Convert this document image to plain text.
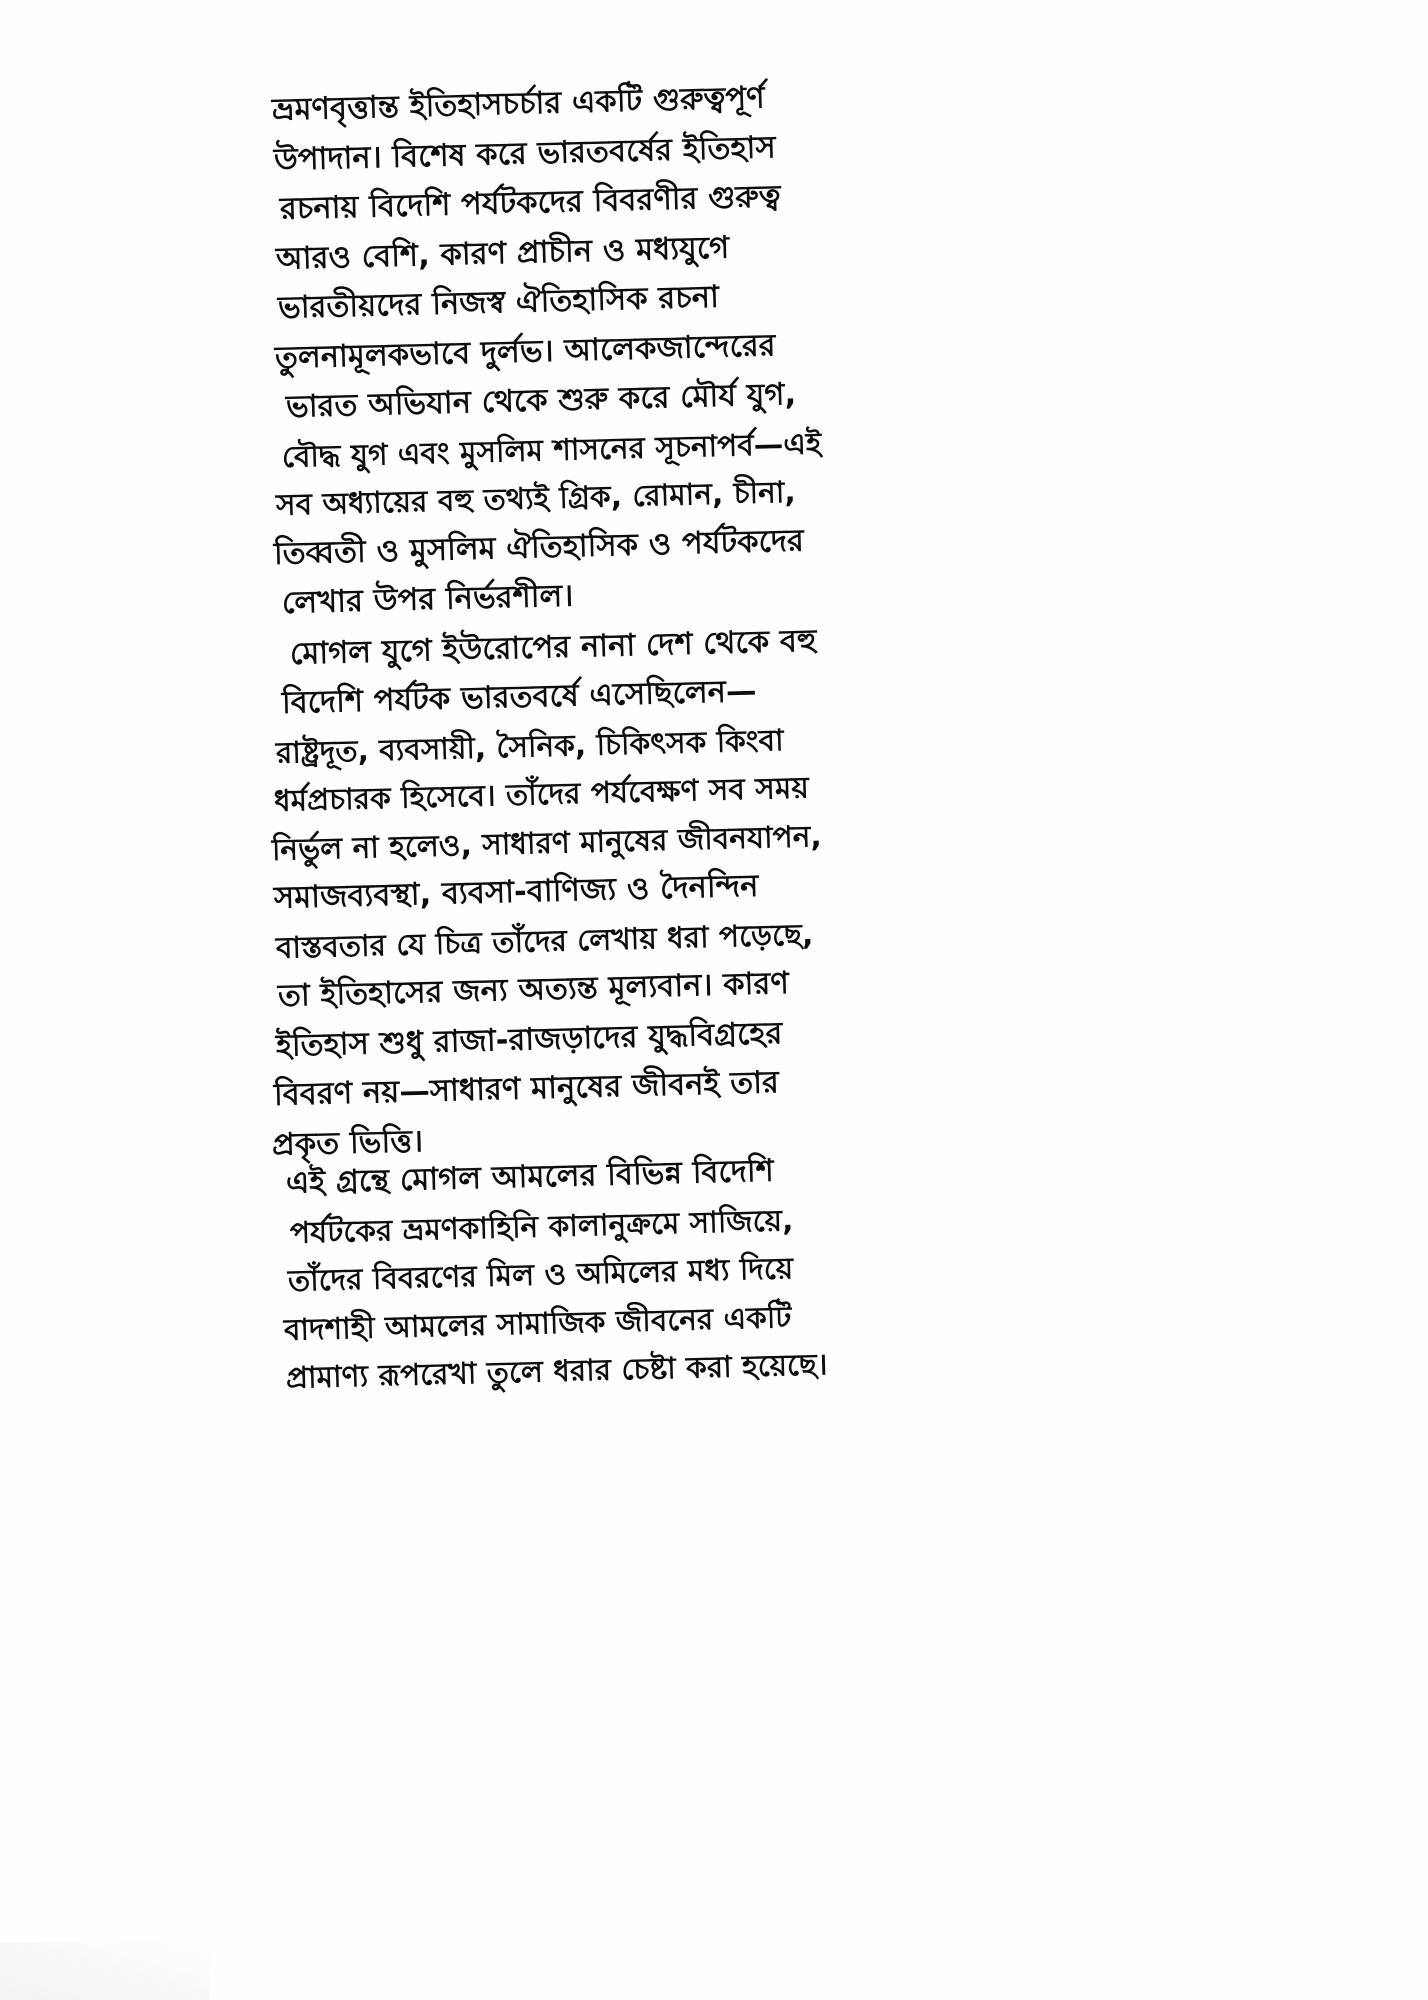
ভ্রমণবৃত্তান্ত ইতিহাসচর্চার একটি গুরুত্বপূর্ণ
উপাদান। বিশেষ করে ভারতবর্ষের ইতিহাস
রচনায় বিদেশি পর্যটকদের বিবরণীর গুরুত্ব
আরও বেশি, কারণ প্রাচীন ও মধ্যযুগে
ভারতীয়দের নিজস্ব ঐতিহাসিক রচনা
তুলনামূলকভাবে দুর্লভ। আলেকজান্দেরের
ভারত অভিযান থেকে শুরু করে মৌর্য যুগ,
বৌদ্ধ যুগ এবং মুসলিম শাসনের সূচনাপর্ব—এই
সব অধ্যায়ের বহু তথ্যই গ্রিক, রোমান, চীনা,
তিব্বতী ও মুসলিম ঐতিহাসিক ও পর্যটকদের
লেখার উপর নির্ভরশীল।
মোগল যুগে ইউরোপের নানা দেশ থেকে বহু
বিদেশি পর্যটক ভারতবর্ষে এসেছিলেন—
রাষ্ট্রদূত, ব্যবসায়ী, সৈনিক, চিকিৎসক কিংবা
ধর্মপ্রচারক হিসেবে। তাঁদের পর্যবেক্ষণ সব সময়
নির্ভুল না হলেও, সাধারণ মানুষের জীবনযাপন,
সমাজব্যবস্থা, ব্যবসা-বাণিজ্য ও দৈনন্দিন
বাস্তবতার যে চিত্র তাঁদের লেখায় ধরা পড়েছে,
তা ইতিহাসের জন্য অত্যন্ত মূল্যবান। কারণ
ইতিহাস শুধু রাজা-রাজড়াদের যুদ্ধবিগ্রহের
বিবরণ নয়—সাধারণ মানুষের জীবনই তার
প্রকৃত ভিত্তি।
এই গ্রন্থে মোগল আমলের বিভিন্ন বিদেশি
পর্যটকের ভ্রমণকাহিনি কালানুক্রমে সাজিয়ে,
তাঁদের বিবরণের মিল ও অমিলের মধ্য দিয়ে
বাদশাহী আমলের সামাজিক জীবনের একটি
প্রামাণ্য রূপরেখা তুলে ধরার চেষ্টা করা হয়েছে।
